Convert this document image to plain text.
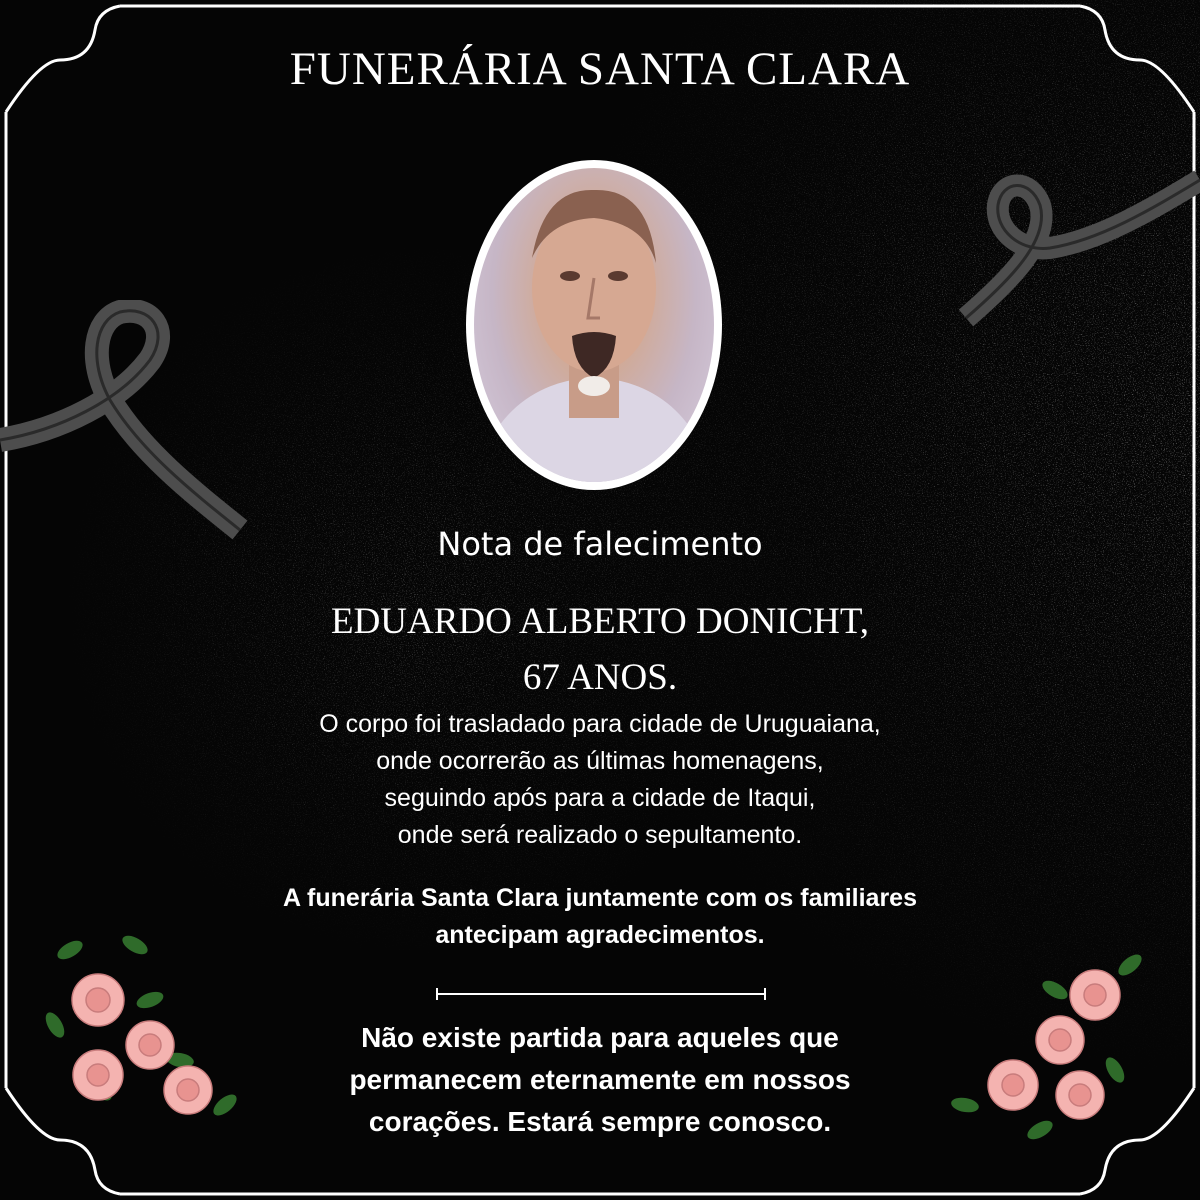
FUNERÁRIA SANTA CLARA
Nota de falecimento
EDUARDO ALBERTO DONICHT,
67 ANOS.
O corpo foi trasladado para cidade de Uruguaiana,
onde ocorrerão as últimas homenagens,
seguindo após para a cidade de Itaqui,
onde será realizado o sepultamento.
A funerária Santa Clara juntamente com os familiares
antecipam agradecimentos.
Não existe partida para aqueles que
permanecem eternamente em nossos
corações. Estará sempre conosco.
